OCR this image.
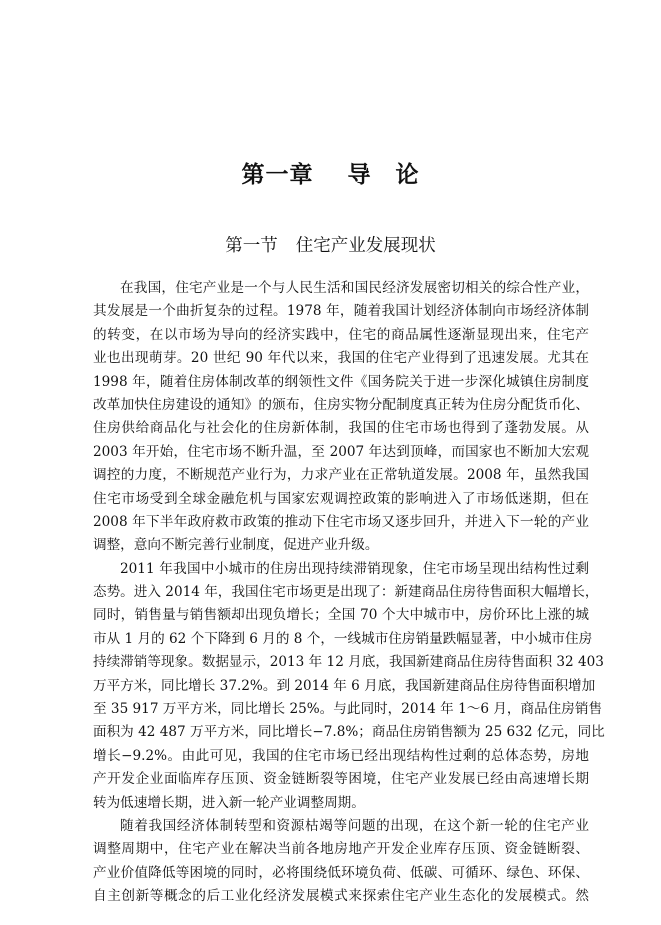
第一章 导　论
第一节 住宅产业发展现状
在我国，住宅产业是一个与人民生活和国民经济发展密切相关的综合性产业，
其发展是一个曲折复杂的过程。1978 年，随着我国计划经济体制向市场经济体制
的转变，在以市场为导向的经济实践中，住宅的商品属性逐渐显现出来，住宅产
业也出现萌芽。20 世纪 90 年代以来，我国的住宅产业得到了迅速发展。尤其在
1998 年，随着住房体制改革的纲领性文件《国务院关于进一步深化城镇住房制度
改革加快住房建设的通知》的颁布，住房实物分配制度真正转为住房分配货币化、
住房供给商品化与社会化的住房新体制，我国的住宅市场也得到了蓬勃发展。从
2003 年开始，住宅市场不断升温，至 2007 年达到顶峰，而国家也不断加大宏观
调控的力度，不断规范产业行为，力求产业在正常轨道发展。2008 年，虽然我国
住宅市场受到全球金融危机与国家宏观调控政策的影响进入了市场低迷期，但在
2008 年下半年政府救市政策的推动下住宅市场又逐步回升，并进入下一轮的产业
调整，意向不断完善行业制度，促进产业升级。
2011 年我国中小城市的住房出现持续滞销现象，住宅市场呈现出结构性过剩
态势。进入 2014 年，我国住宅市场更是出现了：新建商品住房待售面积大幅增长，
同时，销售量与销售额却出现负增长；全国 70 个大中城市中，房价环比上涨的城
市从 1 月的 62 个下降到 6 月的 8 个，一线城市住房销量跌幅显著，中小城市住房
持续滞销等现象。数据显示，2013 年 12 月底，我国新建商品住房待售面积 32 403
万平方米，同比增长 37.2%。到 2014 年 6 月底，我国新建商品住房待售面积增加
至 35 917 万平方米，同比增长 25%。与此同时，2014 年 1～6 月，商品住房销售
面积为 42 487 万平方米，同比增长−7.8%；商品住房销售额为 25 632 亿元，同比
增长−9.2%。由此可见，我国的住宅市场已经出现结构性过剩的总体态势，房地
产开发企业面临库存压顶、资金链断裂等困境，住宅产业发展已经由高速增长期
转为低速增长期，进入新一轮产业调整周期。
随着我国经济体制转型和资源枯竭等问题的出现，在这个新一轮的住宅产业
调整周期中，住宅产业在解决当前各地房地产开发企业库存压顶、资金链断裂、
产业价值降低等困境的同时，必将围绕低环境负荷、低碳、可循环、绿色、环保、
自主创新等概念的后工业化经济发展模式来探索住宅产业生态化的发展模式。然
